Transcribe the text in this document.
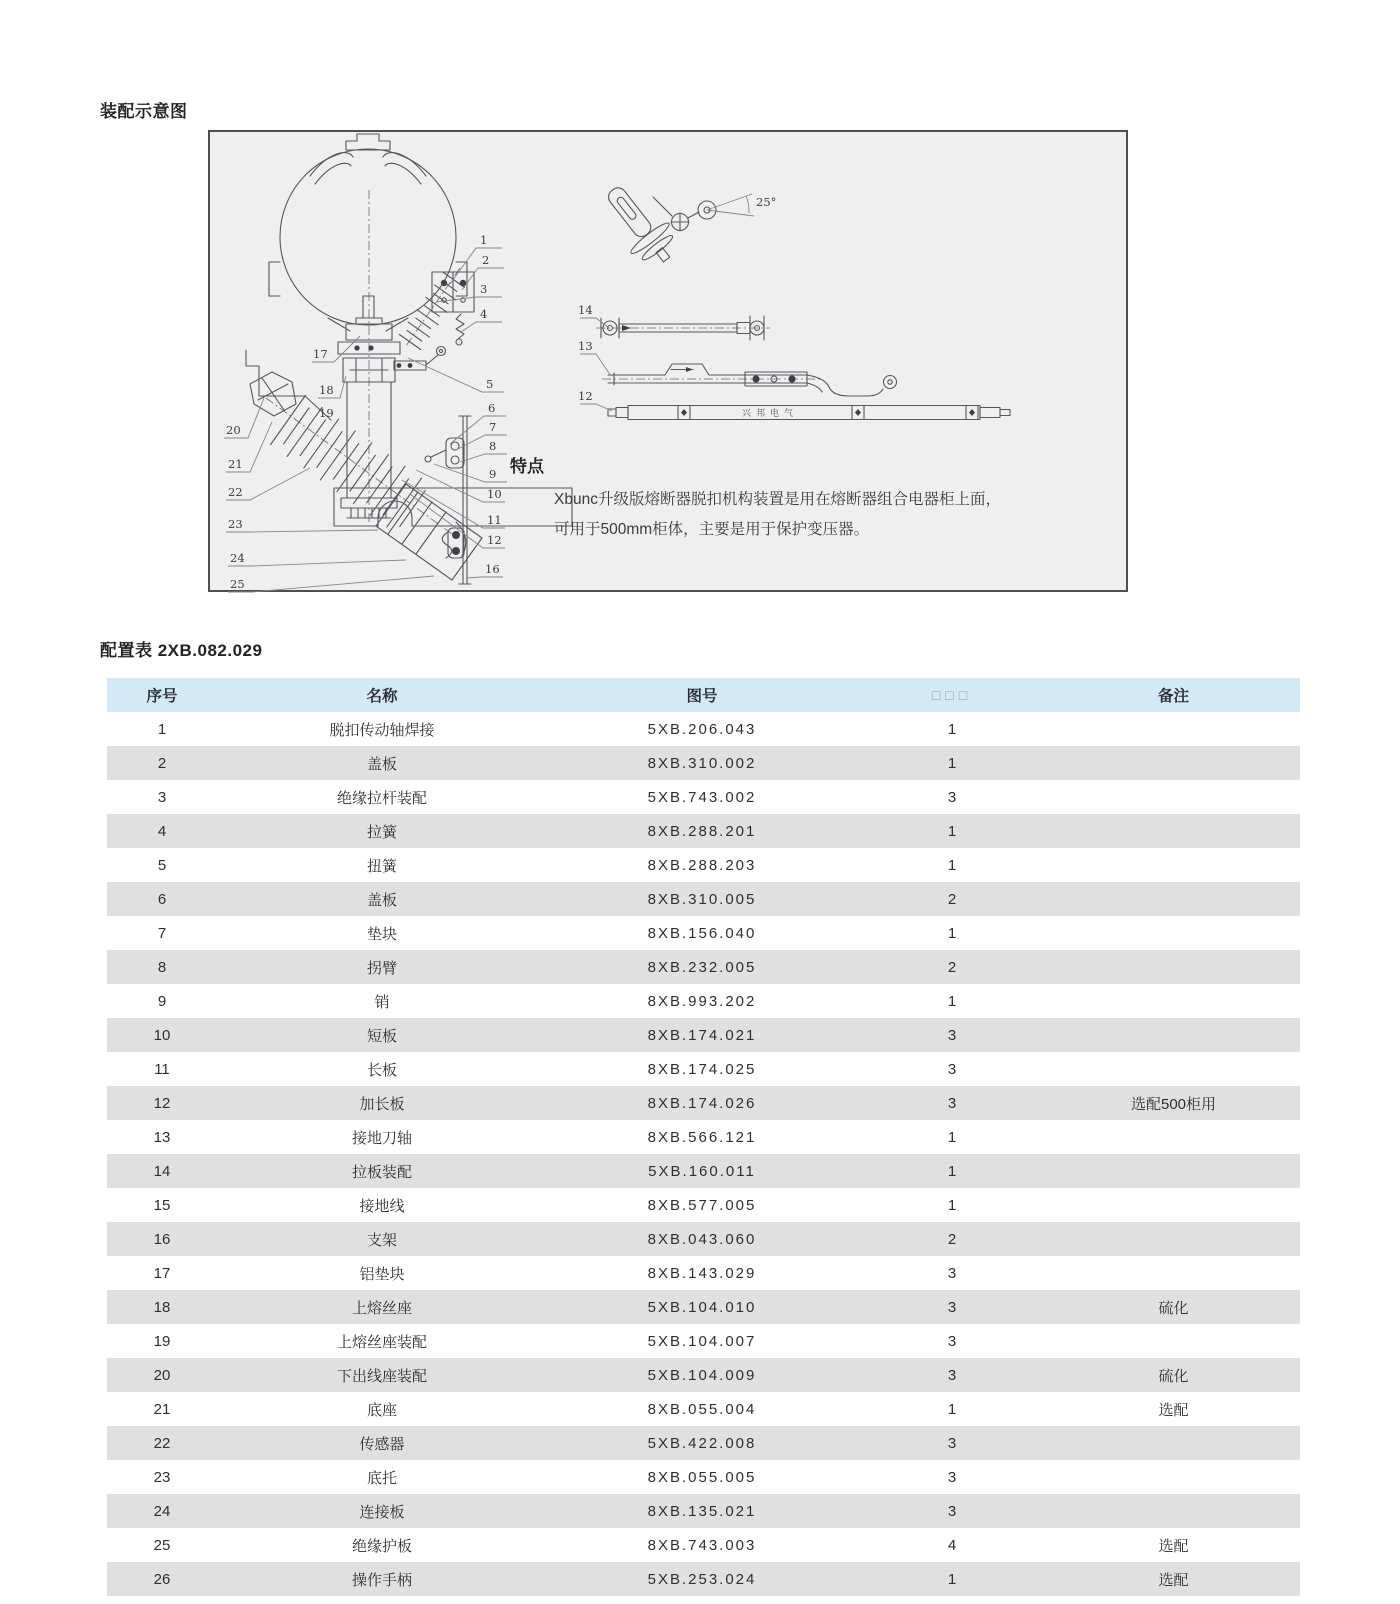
装配示意图
25°
兴邦电气
1
2
3
4
5
6
7
8
9
10
11
12
16
17
18
19
20
21
22
23
24
25
14
13
12
特点
Xbunc升级版熔断器脱扣机构装置是用在熔断器组合电器柜上面，
可用于500mm柜体，主要是用于保护变压器。
配置表 2XB.082.029
序号	名称	图号	□□□	备注
1	脱扣传动轴焊接	5XB.206.043	1	
2	盖板	8XB.310.002	1	
3	绝缘拉杆装配	5XB.743.002	3	
4	拉簧	8XB.288.201	1	
5	扭簧	8XB.288.203	1	
6	盖板	8XB.310.005	2	
7	垫块	8XB.156.040	1	
8	拐臂	8XB.232.005	2	
9	销	8XB.993.202	1	
10	短板	8XB.174.021	3	
11	长板	8XB.174.025	3	
12	加长板	8XB.174.026	3	选配500柜用
13	接地刀轴	8XB.566.121	1	
14	拉板装配	5XB.160.011	1	
15	接地线	8XB.577.005	1	
16	支架	8XB.043.060	2	
17	铝垫块	8XB.143.029	3	
18	上熔丝座	5XB.104.010	3	硫化
19	上熔丝座装配	5XB.104.007	3	
20	下出线座装配	5XB.104.009	3	硫化
21	底座	8XB.055.004	1	选配
22	传感器	5XB.422.008	3	
23	底托	8XB.055.005	3	
24	连接板	8XB.135.021	3	
25	绝缘护板	8XB.743.003	4	选配
26	操作手柄	5XB.253.024	1	选配
